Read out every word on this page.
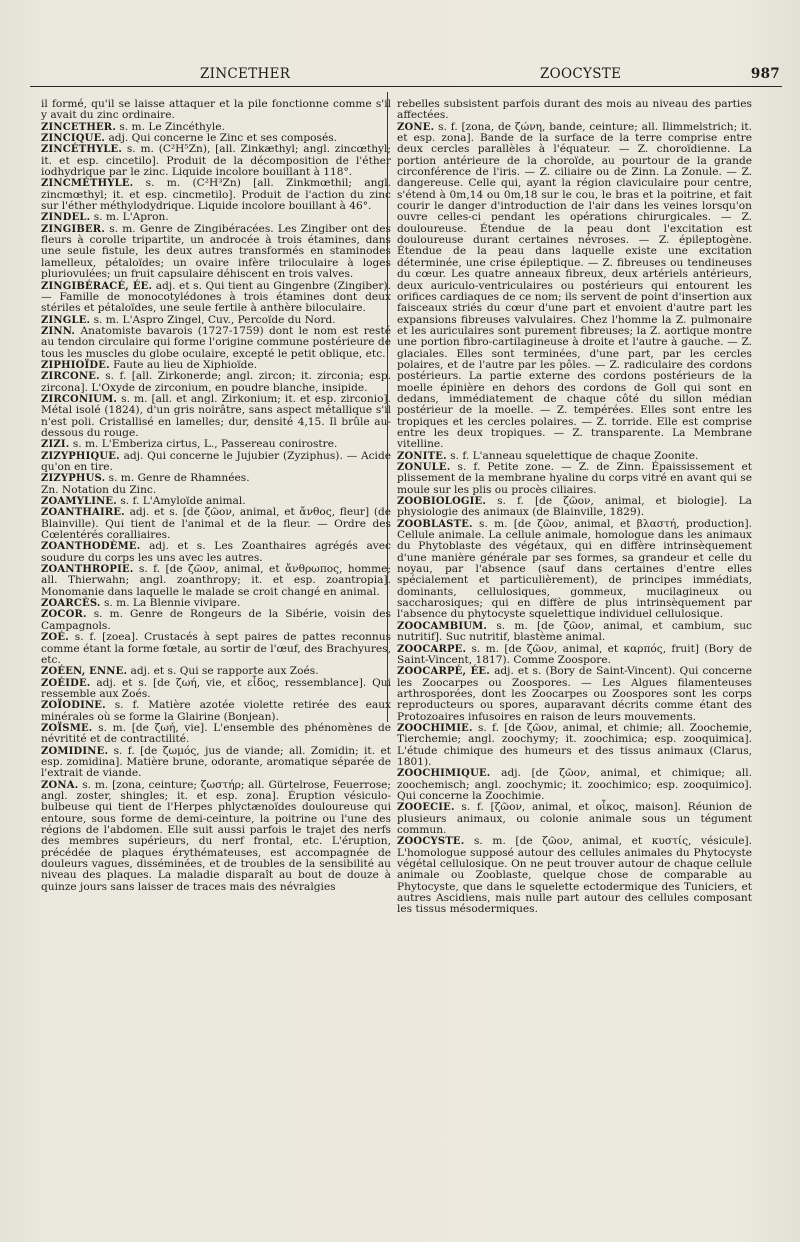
ZINCETHER	ZOOCYSTE	987

il formé, qu'il se laisse attaquer et la pile fonctionne comme s'il y avait du zinc ordinaire.

ZINCETHER. s. m. Le Zincéthyle.

ZINCIQUE. adj. Qui concerne le Zinc et ses composés.

ZINCÉTHYLE. s. m. (C²H⁵Zn), [all. Zinkæthyl; angl. zincœthyl; it. et esp. cincetilo]. Produit de la décomposition de l'éther iodhydrique par le zinc. Liquide incolore bouillant à 118°.

ZINCMÉTHYLE. s. m. (C²H³Zn) [all. Zinkmœthil; angl. zincmœthyl; it. et esp. cincmetilo]. Produit de l'action du zinc sur l'éther méthylodydrique. Liquide incolore bouillant à 46°.

ZINDEL. s. m. L'Apron.

ZINGIBER. s. m. Genre de Zingibéracées. Les Zingiber ont des fleurs à corolle tripartite, un androcée à trois étamines, dans une seule fistule, les deux autres transformés en staminodes lamelleux, pétaloïdes; un ovaire infère triloculaire à loges pluriovulées; un fruit capsulaire déhiscent en trois valves.

ZINGIBÉRACÉ, ÉE. adj. et s. Qui tient au Gingenbre (Zingiber). — Famille de monocotylédones à trois étamines dont deux stériles et pétaloïdes, une seule fertile à anthère biloculaire.

ZINGLE. s. m. L'Aspro Zingel, Cuv., Percoïde du Nord.

ZINN. Anatomiste bavarois (1727-1759) dont le nom est resté au tendon circulaire qui forme l'origine commune postérieure de tous les muscles du globe oculaire, excepté le petit oblique, etc.

ZIPHIOÏDE. Faute au lieu de Xiphioïde.

ZIRCONE. s. f. [all. Zirkonerde; angl. zircon; it. zirconia; esp. zircona]. L'Oxyde de zirconium, en poudre blanche, insipide.

ZIRCONIUM. s. m. [all. et angl. Zirkonium; it. et esp. zirconio]. Métal isolé (1824), d'un gris noirâtre, sans aspect métallique s'il n'est poli. Cristallisé en lamelles; dur, densité 4,15. Il brûle au-dessous du rouge.

ZIZI. s. m. L'Emberiza cirtus, L., Passereau conirostre.

ZIZYPHIQUE. adj. Qui concerne le Jujubier (Zyziphus). — Acide qu'on en tire.

ZIZYPHUS. s. m. Genre de Rhamnées.

Zn. Notation du Zinc.

ZOAMYLINE. s. f. L'Amyloïde animal.

ZOANTHAIRE. adj. et s. [de ζῶον, animal, et ἄνθος, fleur] (de Blainville). Qui tient de l'animal et de la fleur. — Ordre des Cœlentérés coralliaires.

ZOANTHODÈME. adj. et s. Les Zoanthaires agrégés avec soudure du corps les uns avec les autres.

ZOANTHROPIE. s. f. [de ζῶον, animal, et ἄνθρωπος, homme; all. Thierwahn; angl. zoanthropy; it. et esp. zoantropia]. Monomanie dans laquelle le malade se croit changé en animal.

ZOARCÈS. s. m. La Blennie vivipare.

ZOCOR. s. m. Genre de Rongeurs de la Sibérie, voisin des Campagnols.

ZOÉ. s. f. [zoea]. Crustacés à sept paires de pattes reconnus comme étant la forme fœtale, au sortir de l'œuf, des Brachyures, etc.

ZOÉEN, ENNE. adj. et s. Qui se rapporte aux Zoés.

ZOÉIDE. adj. et s. [de ζωή, vie, et εἶδος, ressemblance]. Qui ressemble aux Zoés.

ZOÏODINE. s. f. Matière azotée violette retirée des eaux minérales où se forme la Glairine (Bonjean).

ZOÏSME. s. m. [de ζωή, vie]. L'ensemble des phénomènes de névritité et de contractilité.

ZOMIDINE. s. f. [de ζωμός, jus de viande; all. Zomidin; it. et esp. zomidina]. Matière brune, odorante, aromatique séparée de l'extrait de viande.

ZONA. s. m. [zona, ceinture; ζωστήρ; all. Gürtelrose, Feuerrose; angl. zoster, shingles; it. et esp. zona]. Éruption vésiculo-bulbeuse qui tient de l'Herpes phlyctænoïdes douloureuse qui entoure, sous forme de demi-ceinture, la poitrine ou l'une des régions de l'abdomen. Elle suit aussi parfois le trajet des nerfs des membres supérieurs, du nerf frontal, etc. L'éruption, précédée de plaques érythémateuses, est accompagnée de douleurs vagues, disséminées, et de troubles de la sensibilité au niveau des plaques. La maladie disparaît au bout de douze à quinze jours sans laisser de traces mais des névralgies

rebelles subsistent parfois durant des mois au niveau des parties affectées.

ZONE. s. f. [zona, de ζώνη, bande, ceinture; all. Ilimmelstrich; it. et esp. zona]. Bande de la surface de la terre comprise entre deux cercles parallèles à l'équateur. — Z. choroïdienne. La portion antérieure de la choroïde, au pourtour de la grande circonférence de l'iris. — Z. ciliaire ou de Zinn. La Zonule. — Z. dangereuse. Celle qui, ayant la région claviculaire pour centre, s'étend à 0m,14 ou 0m,18 sur le cou, le bras et la poitrine, et fait courir le danger d'introduction de l'air dans les veines lorsqu'on ouvre celles-ci pendant les opérations chirurgicales. — Z. douloureuse. Étendue de la peau dont l'excitation est douloureuse durant certaines névroses. — Z. épileptogène. Étendue de la peau dans laquelle existe une excitation déterminée, une crise épileptique. — Z. fibreuses ou tendineuses du cœur. Les quatre anneaux fibreux, deux artériels antérieurs, deux auriculo-ventriculaires ou postérieurs qui entourent les orifices cardiaques de ce nom; ils servent de point d'insertion aux faisceaux striés du cœur d'une part et envoient d'autre part les expansions fibreuses valvulaires. Chez l'homme la Z. pulmonaire et les auriculaires sont purement fibreuses; la Z. aortique montre une portion fibro-cartilagineuse à droite et l'autre à gauche. — Z. glaciales. Elles sont terminées, d'une part, par les cercles polaires, et de l'autre par les pôles. — Z. radiculaire des cordons postérieurs. La partie externe des cordons postérieurs de la moelle épinière en dehors des cordons de Goll qui sont en dedans, immédiatement de chaque côté du sillon médian postérieur de la moelle. — Z. tempérées. Elles sont entre les tropiques et les cercles polaires. — Z. torride. Elle est comprise entre les deux tropiques. — Z. transparente. La Membrane vitelline.

ZONITE. s. f. L'anneau squelettique de chaque Zoonite.

ZONULE. s. f. Petite zone. — Z. de Zinn. Épaississement et plissement de la membrane hyaline du corps vitré en avant qui se moule sur les plis ou procès ciliaires.

ZOOBIOLOGIE. s. f. [de ζῶον, animal, et biologie]. La physiologie des animaux (de Blainville, 1829).

ZOOBLASTE. s. m. [de ζῶον, animal, et βλαστή, production]. Cellule animale. La cellule animale, homologue dans les animaux du Phytoblaste des végétaux, qui en diffère intrinsèquement d'une manière générale par ses formes, sa grandeur et celle du noyau, par l'absence (sauf dans certaines d'entre elles spécialement et particulièrement), de principes immédiats, dominants, cellulosiques, gommeux, mucilagineux ou saccharosiques; qui en diffère de plus intrinsèquement par l'absence du phytocyste squelettique individuel cellulosique.

ZOOCAMBIUM. s. m. [de ζῶον, animal, et cambium, suc nutritif]. Suc nutritif, blastème animal.

ZOOCARPE. s. m. [de ζῶον, animal, et καρπός, fruit] (Bory de Saint-Vincent, 1817). Comme Zoospore.

ZOOCARPÉ, ÉE. adj. et s. (Bory de Saint-Vincent). Qui concerne les Zoocarpes ou Zoospores. — Les Algues filamenteuses arthrosporées, dont les Zoocarpes ou Zoospores sont les corps reproducteurs ou spores, auparavant décrits comme étant des Protozoaires infusoires en raison de leurs mouvements.

ZOOCHIMIE. s. f. [de ζῶον, animal, et chimie; all. Zoochemie, Tierchemie; angl. zoochymy; it. zoochimica; esp. zooquimica]. L'étude chimique des humeurs et des tissus animaux (Clarus, 1801).

ZOOCHIMIQUE. adj. [de ζῶον, animal, et chimique; all. zoochemisch; angl. zoochymic; it. zoochimico; esp. zooquimico]. Qui concerne la Zoochimie.

ZOOECIE. s. f. [ζῶον, animal, et οἶκος, maison]. Réunion de plusieurs animaux, ou colonie animale sous un tégument commun.

ZOOCYSTE. s. m. [de ζῶον, animal, et κυστίς, vésicule]. L'homologue supposé autour des cellules animales du Phytocyste végétal cellulosique. On ne peut trouver autour de chaque cellule animale ou Zooblaste, quelque chose de comparable au Phytocyste, que dans le squelette ectodermique des Tuniciers, et autres Ascidiens, mais nulle part autour des cellules composant les tissus mésodermiques.
